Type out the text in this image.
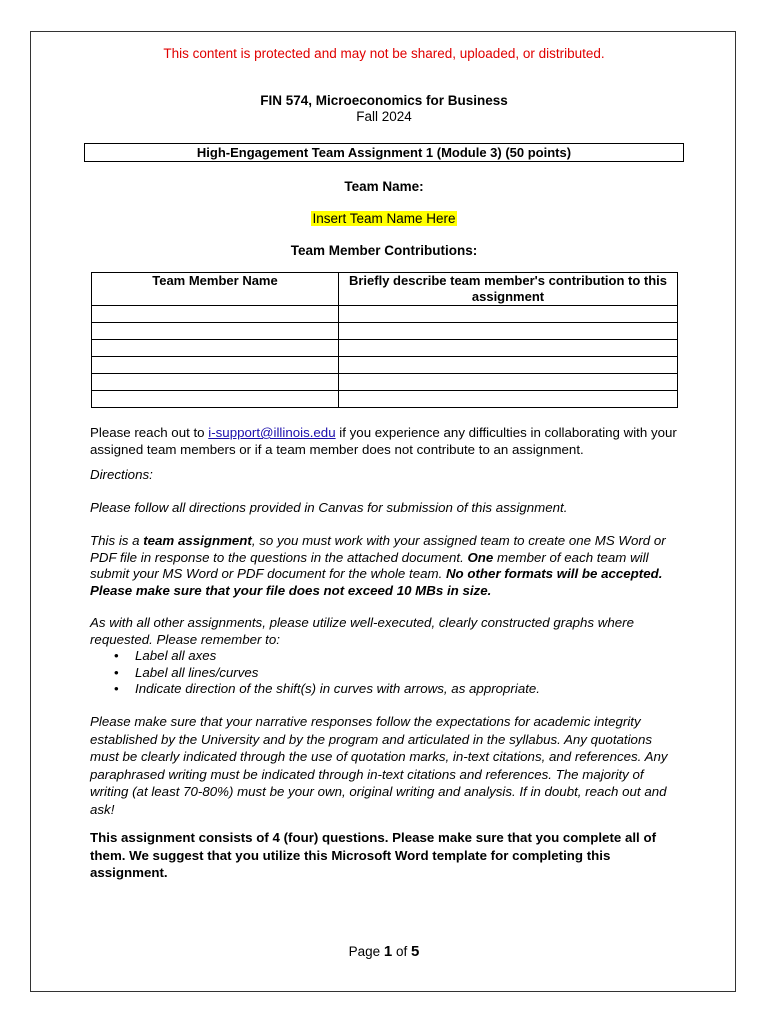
This content is protected and may not be shared, uploaded, or distributed.
FIN 574, Microeconomics for Business
Fall 2024
High-Engagement Team Assignment 1 (Module 3) (50 points)
Team Name:
Insert Team Name Here
Team Member Contributions:
Team Member Name	Briefly describe team member's contribution to this assignment

Please reach out to i-support@illinois.edu if you experience any difficulties in collaborating with your assigned team members or if a team member does not contribute to an assignment.
Directions:
Please follow all directions provided in Canvas for submission of this assignment.
This is a team assignment, so you must work with your assigned team to create one MS Word or PDF file in response to the questions in the attached document. One member of each team will submit your MS Word or PDF document for the whole team. No other formats will be accepted. Please make sure that your file does not exceed 10 MBs in size.
As with all other assignments, please utilize well-executed, clearly constructed graphs where requested. Please remember to:
• Label all axes
• Label all lines/curves
• Indicate direction of the shift(s) in curves with arrows, as appropriate.
Please make sure that your narrative responses follow the expectations for academic integrity established by the University and by the program and articulated in the syllabus. Any quotations must be clearly indicated through the use of quotation marks, in-text citations, and references. Any paraphrased writing must be indicated through in-text citations and references. The majority of writing (at least 70-80%) must be your own, original writing and analysis. If in doubt, reach out and ask!
This assignment consists of 4 (four) questions. Please make sure that you complete all of them. We suggest that you utilize this Microsoft Word template for completing this assignment.
Page 1 of 5
